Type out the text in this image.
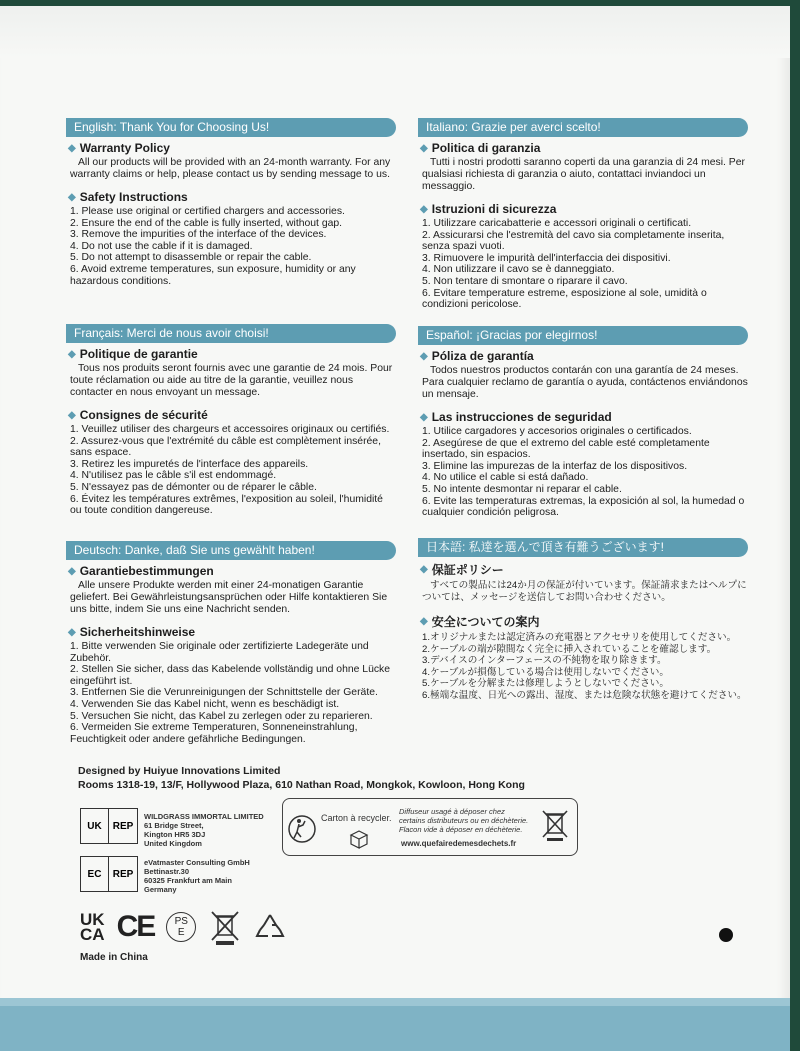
English: Thank You for Choosing Us!
◆ Warranty Policy
All our products will be provided with an 24-month warranty. For any warranty claims or help, please contact us by sending message to us.
◆ Safety Instructions
1. Please use original or certified chargers and accessories.
2. Ensure the end of the cable is fully inserted, without gap.
3. Remove the impurities of the interface of the devices.
4. Do not use the cable if it is damaged.
5. Do not attempt to disassemble or repair the cable.
6. Avoid extreme temperatures, sun exposure, humidity or any hazardous conditions.
Français: Merci de nous avoir choisi!
◆ Politique de garantie
Tous nos produits seront fournis avec une garantie de 24 mois. Pour toute réclamation ou aide au titre de la garantie, veuillez nous contacter en nous envoyant un message.
◆ Consignes de sécurité
1. Veuillez utiliser des chargeurs et accessoires originaux ou certifiés.
2. Assurez-vous que l'extrémité du câble est complètement insérée, sans espace.
3. Retirez les impuretés de l'interface des appareils.
4. N'utilisez pas le câble s'il est endommagé.
5. N'essayez pas de démonter ou de réparer le câble.
6. Évitez les températures extrêmes, l'exposition au soleil, l'humidité ou toute condition dangereuse.
Deutsch: Danke, daß Sie uns gewählt haben!
◆ Garantiebestimmungen
Alle unsere Produkte werden mit einer 24-monatigen Garantie geliefert. Bei Gewährleistungsansprüchen oder Hilfe kontaktieren Sie uns bitte, indem Sie uns eine Nachricht senden.
◆ Sicherheitshinweise
1. Bitte verwenden Sie originale oder zertifizierte Ladegeräte und Zubehör.
2. Stellen Sie sicher, dass das Kabelende vollständig und ohne Lücke eingeführt ist.
3. Entfernen Sie die Verunreinigungen der Schnittstelle der Geräte.
4. Verwenden Sie das Kabel nicht, wenn es beschädigt ist.
5. Versuchen Sie nicht, das Kabel zu zerlegen oder zu reparieren.
6. Vermeiden Sie extreme Temperaturen, Sonneneinstrahlung, Feuchtigkeit oder andere gefährliche Bedingungen.
Italiano: Grazie per averci scelto!
◆ Politica di garanzia
Tutti i nostri prodotti saranno coperti da una garanzia di 24 mesi. Per qualsiasi richiesta di garanzia o aiuto, contattaci inviandoci un messaggio.
◆ Istruzioni di sicurezza
1. Utilizzare caricabatterie e accessori originali o certificati.
2. Assicurarsi che l'estremità del cavo sia completamente inserita, senza spazi vuoti.
3. Rimuovere le impurità dell'interfaccia dei dispositivi.
4. Non utilizzare il cavo se è danneggiato.
5. Non tentare di smontare o riparare il cavo.
6. Evitare temperature estreme, esposizione al sole, umidità o condizioni pericolose.
Español: ¡Gracias por elegirnos!
◆ Póliza de garantía
Todos nuestros productos contarán con una garantía de 24 meses. Para cualquier reclamo de garantía o ayuda, contáctenos enviándonos un mensaje.
◆ Las instrucciones de seguridad
1. Utilice cargadores y accesorios originales o certificados.
2. Asegúrese de que el extremo del cable esté completamente insertado, sin espacios.
3. Elimine las impurezas de la interfaz de los dispositivos.
4. No utilice el cable si está dañado.
5. No intente desmontar ni reparar el cable.
6. Evite las temperaturas extremas, la exposición al sol, la humedad o cualquier condición peligrosa.
日本語: 私達を選んで頂き有難うございます!
◆ 保証ポリシー
すべての製品には24か月の保証が付いています。保証請求またはヘルプについては、メッセージを送信してお問い合わせください。
◆ 安全についての案内
1.オリジナルまたは認定済みの充電器とアクセサリを使用してください。
2.ケーブルの端が隙間なく完全に挿入されていることを確認します。
3.デバイスのインターフェースの不純物を取り除きます。
4.ケーブルが損傷している場合は使用しないでください。
5.ケーブルを分解または修理しようとしないでください。
6.極端な温度、日光への露出、湿度、または危険な状態を避けてください。
Designed by Huiyue Innovations Limited
Rooms 1318-19, 13/F, Hollywood Plaza, 610 Nathan Road, Mongkok, Kowloon, Hong Kong
UK	REP
WILDGRASS IMMORTAL LIMITED
61 Bridge Street,
Kington HR5 3DJ
United Kingdom
EC	REP
eVatmaster Consulting GmbH
Bettinastr.30
60325 Frankfurt am Main
Germany
Carton à recycler.
Diffuseur usagé à déposer chez
certains distributeurs ou en déchèterie.
Flacon vide à déposer en déchèterie.
www.quefairedemesdechets.fr
UK
CA CE	PS
E
Made in China
